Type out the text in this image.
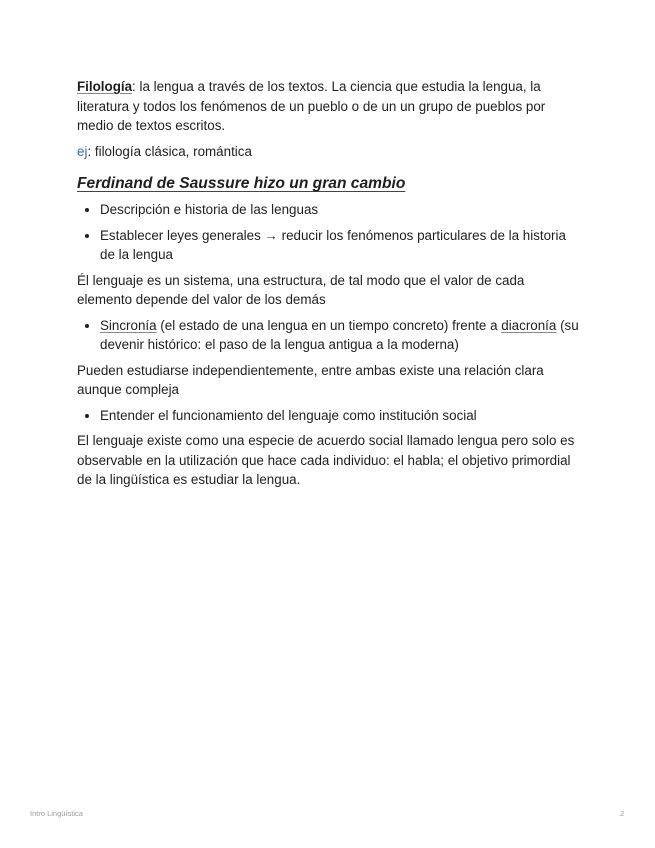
Filología: la lengua a través de los textos. La ciencia que estudia la lengua, la literatura y todos los fenómenos de un pueblo o de un un grupo de pueblos por medio de textos escritos.

ej: filología clásica, romántica

Ferdinand de Saussure hizo un gran cambio
• Descripción e historia de las lenguas
• Establecer leyes generales → reducir los fenómenos particulares de la historia de la lengua

Él lenguaje es un sistema, una estructura, de tal modo que el valor de cada elemento depende del valor de los demás

• Sincronía (el estado de una lengua en un tiempo concreto) frente a diacronía (su devenir histórico: el paso de la lengua antigua a la moderna)

Pueden estudiarse independientemente, entre ambas existe una relación clara aunque compleja

• Entender el funcionamiento del lenguaje como institución social

El lenguaje existe como una especie de acuerdo social llamado lengua pero solo es observable en la utilización que hace cada individuo: el habla; el objetivo primordial de la lingüística es estudiar la lengua.

Intro Lingüística	2
